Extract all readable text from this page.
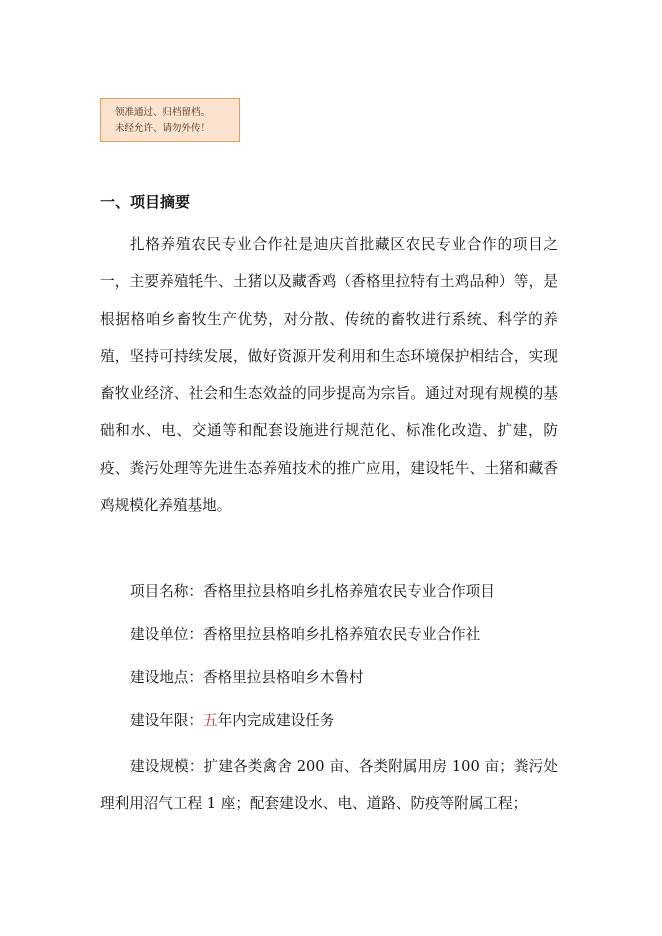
领准通过、归档留档。
未经允许、请勿外传！
一、项目摘要

扎格养殖农民专业合作社是迪庆首批藏区农民专业合作的项目之一，主要养殖牦牛、土猪以及藏香鸡（香格里拉特有土鸡品种）等，是根据格咱乡畜牧生产优势，对分散、传统的畜牧进行系统、科学的养殖，坚持可持续发展，做好资源开发利用和生态环境保护相结合，实现畜牧业经济、社会和生态效益的同步提高为宗旨。通过对现有规模的基础和水、电、交通等和配套设施进行规范化、标准化改造、扩建，防疫、粪污处理等先进生态养殖技术的推广应用，建设牦牛、土猪和藏香鸡规模化养殖基地。

项目名称：香格里拉县格咱乡扎格养殖农民专业合作项目
建设单位：香格里拉县格咱乡扎格养殖农民专业合作社
建设地点：香格里拉县格咱乡木鲁村
建设年限：五年内完成建设任务

建设规模：扩建各类禽舍 200 亩、各类附属用房 100 亩；粪污处理利用沼气工程 1 座；配套建设水、电、道路、防疫等附属工程；
